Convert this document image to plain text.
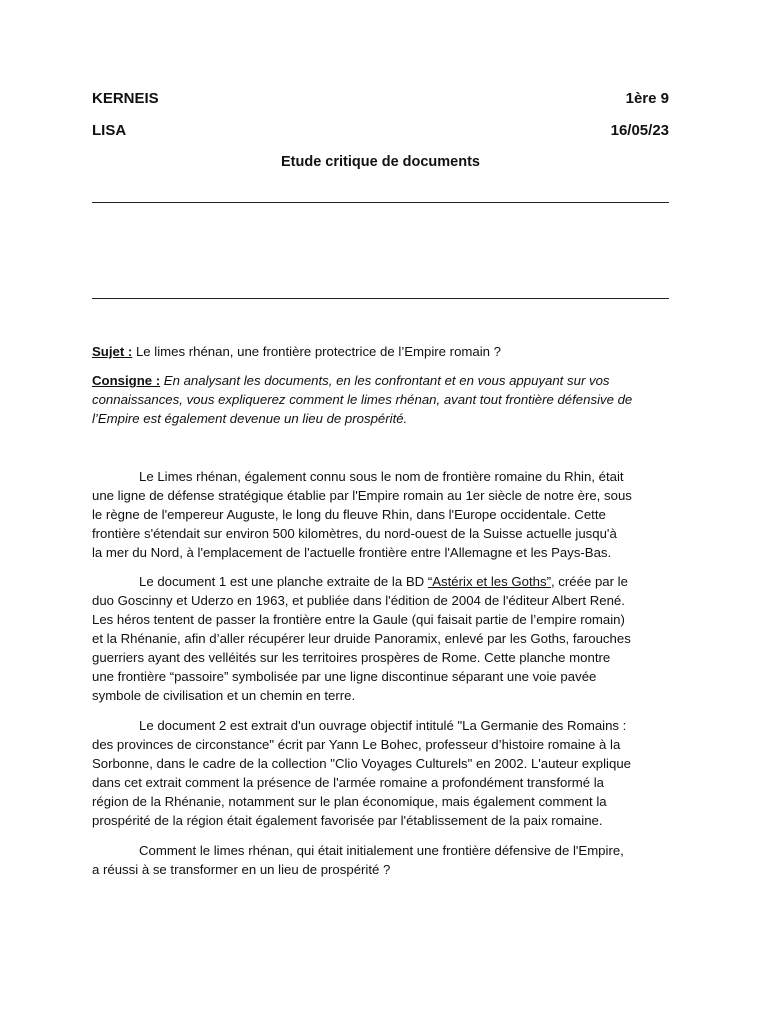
KERNEIS	1ère 9
LISA	16/05/23
Etude critique de documents
Sujet : Le limes rhénan, une frontière protectrice de l’Empire romain ?
Consigne : En analysant les documents, en les confrontant et en vous appuyant sur vos
connaissances, vous expliquerez comment le limes rhénan, avant tout frontière défensive de
l’Empire est également devenue un lieu de prospérité.
Le Limes rhénan, également connu sous le nom de frontière romaine du Rhin, était
une ligne de défense stratégique établie par l'Empire romain au 1er siècle de notre ère, sous
le règne de l'empereur Auguste, le long du fleuve Rhin, dans l'Europe occidentale. Cette
frontière s'étendait sur environ 500 kilomètres, du nord-ouest de la Suisse actuelle jusqu'à
la mer du Nord, à l'emplacement de l'actuelle frontière entre l'Allemagne et les Pays-Bas.
Le document 1 est une planche extraite de la BD “Astérix et les Goths”, créée par le
duo Goscinny et Uderzo en 1963, et publiée dans l'édition de 2004 de l'éditeur Albert René.
Les héros tentent de passer la frontière entre la Gaule (qui faisait partie de l’empire romain)
et la Rhénanie, afin d’aller récupérer leur druide Panoramix, enlevé par les Goths, farouches
guerriers ayant des velléités sur les territoires prospères de Rome. Cette planche montre
une frontière “passoire” symbolisée par une ligne discontinue séparant une voie pavée
symbole de civilisation et un chemin en terre.
Le document 2 est extrait d'un ouvrage objectif intitulé "La Germanie des Romains :
des provinces de circonstance" écrit par Yann Le Bohec, professeur d’histoire romaine à la
Sorbonne, dans le cadre de la collection "Clio Voyages Culturels" en 2002. L'auteur explique
dans cet extrait comment la présence de l'armée romaine a profondément transformé la
région de la Rhénanie, notamment sur le plan économique, mais également comment la
prospérité de la région était également favorisée par l'établissement de la paix romaine.
Comment le limes rhénan, qui était initialement une frontière défensive de l'Empire,
a réussi à se transformer en un lieu de prospérité ?
